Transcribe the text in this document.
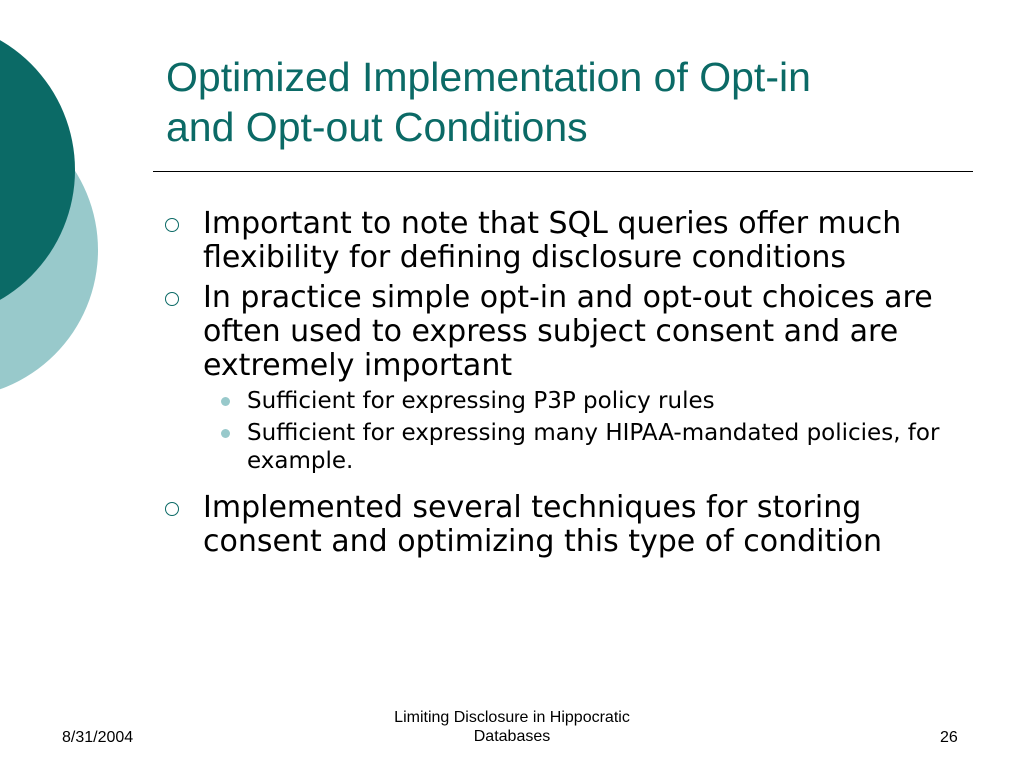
Optimized Implementation of Opt-in
and Opt-out Conditions
Important to note that SQL queries offer much flexibility for defining disclosure conditions
In practice simple opt-in and opt-out choices are often used to express subject consent and are extremely important
Sufficient for expressing P3P policy rules
Sufficient for expressing many HIPAA-mandated policies, for example.
Implemented several techniques for storing consent and optimizing this type of condition
8/31/2004
Limiting Disclosure in Hippocratic
Databases	26
